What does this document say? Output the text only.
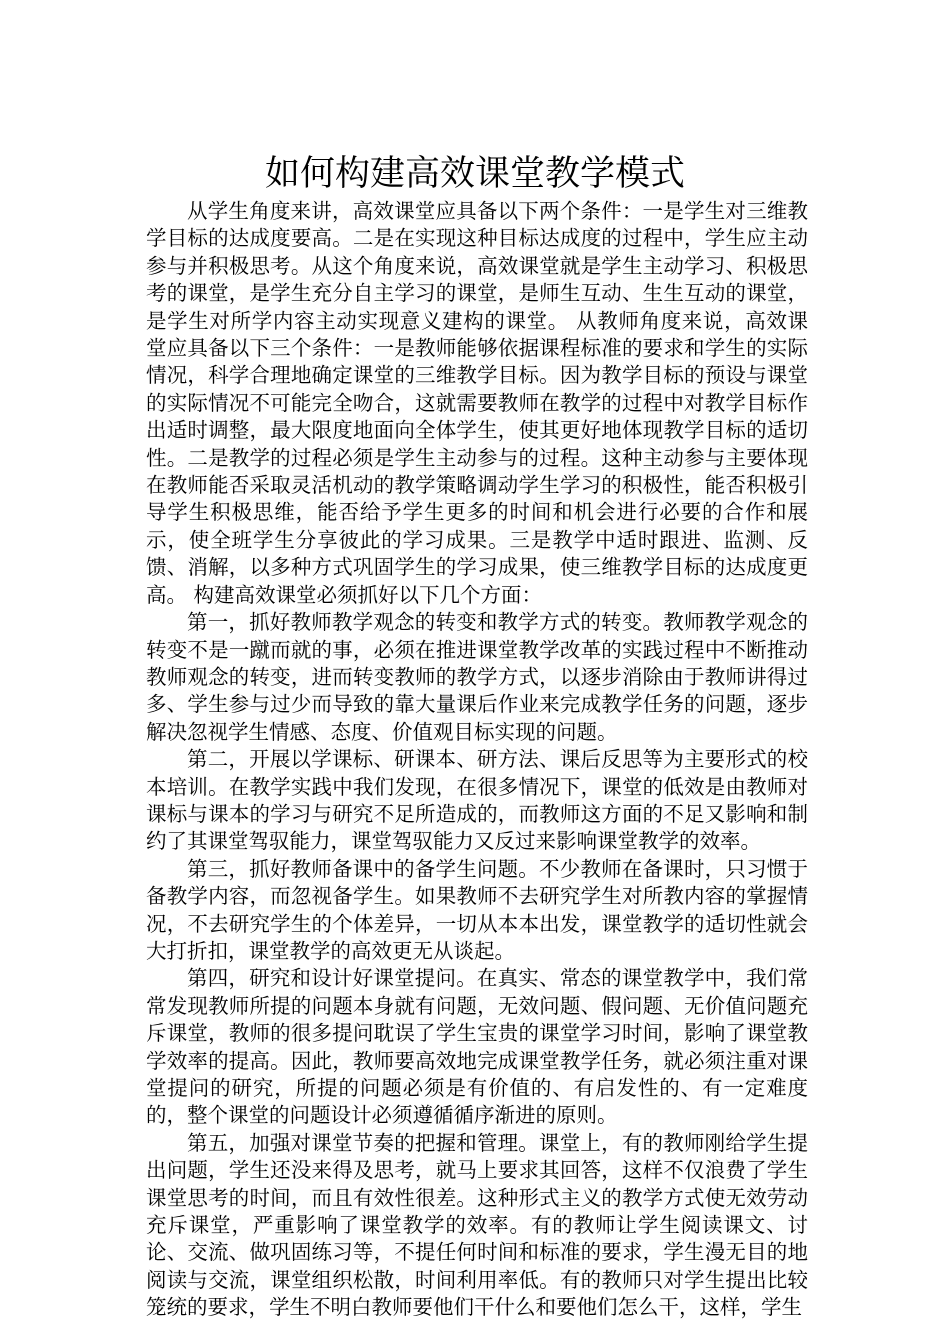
如何构建高效课堂教学模式

从学生角度来讲，高效课堂应具备以下两个条件：一是学生对三维教学目标的达成度要高。二是在实现这种目标达成度的过程中，学生应主动参与并积极思考。从这个角度来说，高效课堂就是学生主动学习、积极思考的课堂，是学生充分自主学习的课堂，是师生互动、生生互动的课堂，是学生对所学内容主动实现意义建构的课堂。 从教师角度来说，高效课堂应具备以下三个条件：一是教师能够依据课程标准的要求和学生的实际情况，科学合理地确定课堂的三维教学目标。因为教学目标的预设与课堂的实际情况不可能完全吻合，这就需要教师在教学的过程中对教学目标作出适时调整，最大限度地面向全体学生，使其更好地体现教学目标的适切性。二是教学的过程必须是学生主动参与的过程。这种主动参与主要体现在教师能否采取灵活机动的教学策略调动学生学习的积极性，能否积极引导学生积极思维，能否给予学生更多的时间和机会进行必要的合作和展示，使全班学生分享彼此的学习成果。三是教学中适时跟进、监测、反馈、消解，以多种方式巩固学生的学习成果，使三维教学目标的达成度更高。 构建高效课堂必须抓好以下几个方面：

第一，抓好教师教学观念的转变和教学方式的转变。教师教学观念的转变不是一蹴而就的事，必须在推进课堂教学改革的实践过程中不断推动教师观念的转变，进而转变教师的教学方式，以逐步消除由于教师讲得过多、学生参与过少而导致的靠大量课后作业来完成教学任务的问题，逐步解决忽视学生情感、态度、价值观目标实现的问题。

第二，开展以学课标、研课本、研方法、课后反思等为主要形式的校本培训。在教学实践中我们发现，在很多情况下，课堂的低效是由教师对课标与课本的学习与研究不足所造成的，而教师这方面的不足又影响和制约了其课堂驾驭能力，课堂驾驭能力又反过来影响课堂教学的效率。

第三，抓好教师备课中的备学生问题。不少教师在备课时，只习惯于备教学内容，而忽视备学生。如果教师不去研究学生对所教内容的掌握情况，不去研究学生的个体差异，一切从本本出发，课堂教学的适切性就会大打折扣，课堂教学的高效更无从谈起。

第四，研究和设计好课堂提问。在真实、常态的课堂教学中，我们常常发现教师所提的问题本身就有问题，无效问题、假问题、无价值问题充斥课堂，教师的很多提问耽误了学生宝贵的课堂学习时间，影响了课堂教学效率的提高。因此，教师要高效地完成课堂教学任务，就必须注重对课堂提问的研究，所提的问题必须是有价值的、有启发性的、有一定难度的，整个课堂的问题设计必须遵循循序渐进的原则。

第五，加强对课堂节奏的把握和管理。课堂上，有的教师刚给学生提出问题，学生还没来得及思考，就马上要求其回答，这样不仅浪费了学生课堂思考的时间，而且有效性很差。这种形式主义的教学方式使无效劳动充斥课堂，严重影响了课堂教学的效率。有的教师让学生阅读课文、讨论、交流、做巩固练习等，不提任何时间和标准的要求，学生漫无目的地阅读与交流，课堂组织松散，时间利用率低。有的教师只对学生提出比较笼统的要求，学生不明白教师要他们干什么和要他们怎么干，这样，学生
